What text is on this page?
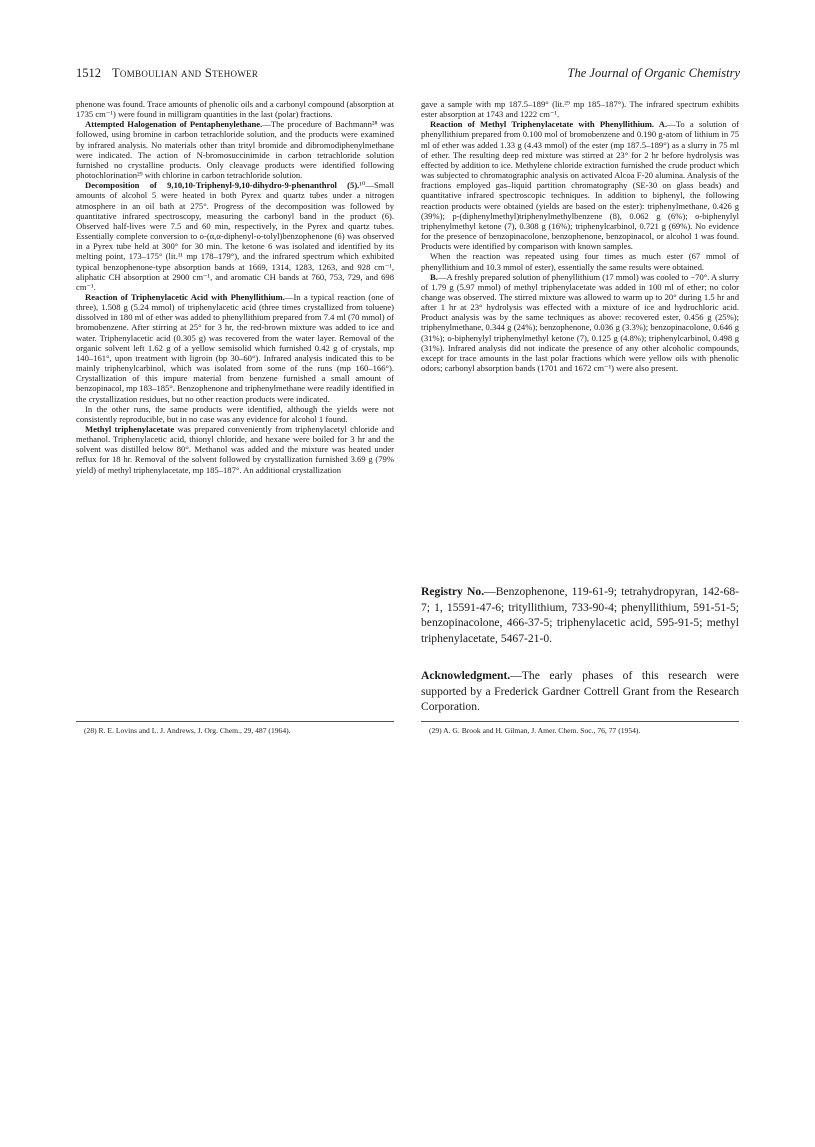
1512 Tomboulian and Stehower	The Journal of Organic Chemistry

phenone was found. Trace amounts of phenolic oils and a carbonyl compound (absorption at 1735 cm⁻¹) were found in milligram quantities in the last (polar) fractions.

Attempted Halogenation of Pentaphenylethane.—The procedure of Bachmann²⁸ was followed, using bromine in carbon tetrachloride solution, and the products were examined by infrared analysis. No materials other than trityl bromide and dibromodiphenylmethane were indicated. The action of N-bromosuccinimide in carbon tetrachloride solution furnished no crystalline products. Only cleavage products were identified following photochlorination²⁹ with chlorine in carbon tetrachloride solution.

Decomposition of 9,10,10-Triphenyl-9,10-dihydro-9-phenanthrol (5).¹⁰—Small amounts of alcohol 5 were heated in both Pyrex and quartz tubes under a nitrogen atmosphere in an oil bath at 275°. Progress of the decomposition was followed by quantitative infrared spectroscopy, measuring the carbonyl band in the product (6). Observed half-lives were 7.5 and 60 min, respectively, in the Pyrex and quartz tubes. Essentially complete conversion to o-(α,α-diphenyl-o-tolyl)benzophenone (6) was observed in a Pyrex tube held at 300° for 30 min. The ketone 6 was isolated and identified by its melting point, 173–175° (lit.¹¹ mp 178–179°), and the infrared spectrum which exhibited typical benzophenone-type absorption bands at 1669, 1314, 1283, 1263, and 928 cm⁻¹, aliphatic CH absorption at 2900 cm⁻¹, and aromatic CH bands at 760, 753, 729, and 698 cm⁻¹.

Reaction of Triphenylacetic Acid with Phenyllithium.—In a typical reaction (one of three), 1.508 g (5.24 mmol) of triphenylacetic acid (three times crystallized from toluene) dissolved in 180 ml of ether was added to phenyllithium prepared from 7.4 ml (70 mmol) of bromobenzene. After stirring at 25° for 3 hr, the red-brown mixture was added to ice and water. Triphenylacetic acid (0.305 g) was recovered from the water layer. Removal of the organic solvent left 1.62 g of a yellow semisolid which furnished 0.42 g of crystals, mp 140–161°, upon treatment with ligroin (bp 30–60°). Infrared analysis indicated this to be mainly triphenylcarbinol, which was isolated from some of the runs (mp 160–166°). Crystallization of this impure material from benzene furnished a small amount of benzopinacol, mp 183–185°. Benzophenone and triphenylmethane were readily identified in the crystallization residues, but no other reaction products were indicated.

In the other runs, the same products were identified, although the yields were not consistently reproducible, but in no case was any evidence for alcohol 1 found.

Methyl triphenylacetate was prepared conveniently from triphenylacetyl chloride and methanol. Triphenylacetic acid, thionyl chloride, and hexane were boiled for 3 hr and the solvent was distilled below 80°. Methanol was added and the mixture was heated under reflux for 18 hr. Removal of the solvent followed by crystallization furnished 3.69 g (79% yield) of methyl triphenylacetate, mp 185–187°. An additional crystallization

gave a sample with mp 187.5–189° (lit.²⁹ mp 185–187°). The infrared spectrum exhibits ester absorption at 1743 and 1222 cm⁻¹.

Reaction of Methyl Triphenylacetate with Phenyllithium. A.—To a solution of phenyllithium prepared from 0.100 mol of bromobenzene and 0.190 g-atom of lithium in 75 ml of ether was added 1.33 g (4.43 mmol) of the ester (mp 187.5–189°) as a slurry in 75 ml of ether. The resulting deep red mixture was stirred at 23° for 2 hr before hydrolysis was effected by addition to ice. Methylene chloride extraction furnished the crude product which was subjected to chromatographic analysis on activated Alcoa F-20 alumina. Analysis of the fractions employed gas–liquid partition chromatography (SE-30 on glass beads) and quantitative infrared spectroscopic techniques. In addition to biphenyl, the following reaction products were obtained (yields are based on the ester): triphenylmethane, 0.426 g (39%); p-(diphenylmethyl)triphenylmethylbenzene (8), 0.062 g (6%); o-biphenylyl triphenylmethyl ketone (7), 0.308 g (16%); triphenylcarbinol, 0.721 g (69%). No evidence for the presence of benzopinacolone, benzophenone, benzopinacol, or alcohol 1 was found. Products were identified by comparison with known samples.

When the reaction was repeated using four times as much ester (67 mmol of phenyllithium and 10.3 mmol of ester), essentially the same results were obtained.

B.—A freshly prepared solution of phenyllithium (17 mmol) was cooled to −70°. A slurry of 1.79 g (5.97 mmol) of methyl triphenylacetate was added in 100 ml of ether; no color change was observed. The stirred mixture was allowed to warm up to 20° during 1.5 hr and after 1 hr at 23° hydrolysis was effected with a mixture of ice and hydrochloric acid. Product analysis was by the same techniques as above: recovered ester, 0.456 g (25%); triphenylmethane, 0.344 g (24%); benzophenone, 0.036 g (3.3%); benzopinacolone, 0.646 g (31%); o-biphenylyl triphenylmethyl ketone (7), 0.125 g (4.8%); triphenylcarbinol, 0.498 g (31%). Infrared analysis did not indicate the presence of any other alcoholic compounds, except for trace amounts in the last polar fractions which were yellow oils with phenolic odors; carbonyl absorption bands (1701 and 1672 cm⁻¹) were also present.

Registry No.—Benzophenone, 119-61-9; tetrahydropyran, 142-68-7; 1, 15591-47-6; trityllithium, 733-90-4; phenyllithium, 591-51-5; benzopinacolone, 466-37-5; triphenylacetic acid, 595-91-5; methyl triphenylacetate, 5467-21-0.

Acknowledgment.—The early phases of this research were supported by a Frederick Gardner Cottrell Grant from the Research Corporation.

(28) R. E. Lovins and L. J. Andrews, J. Org. Chem., 29, 487 (1964).	(29) A. G. Brook and H. Gilman, J. Amer. Chem. Soc., 76, 77 (1954).
